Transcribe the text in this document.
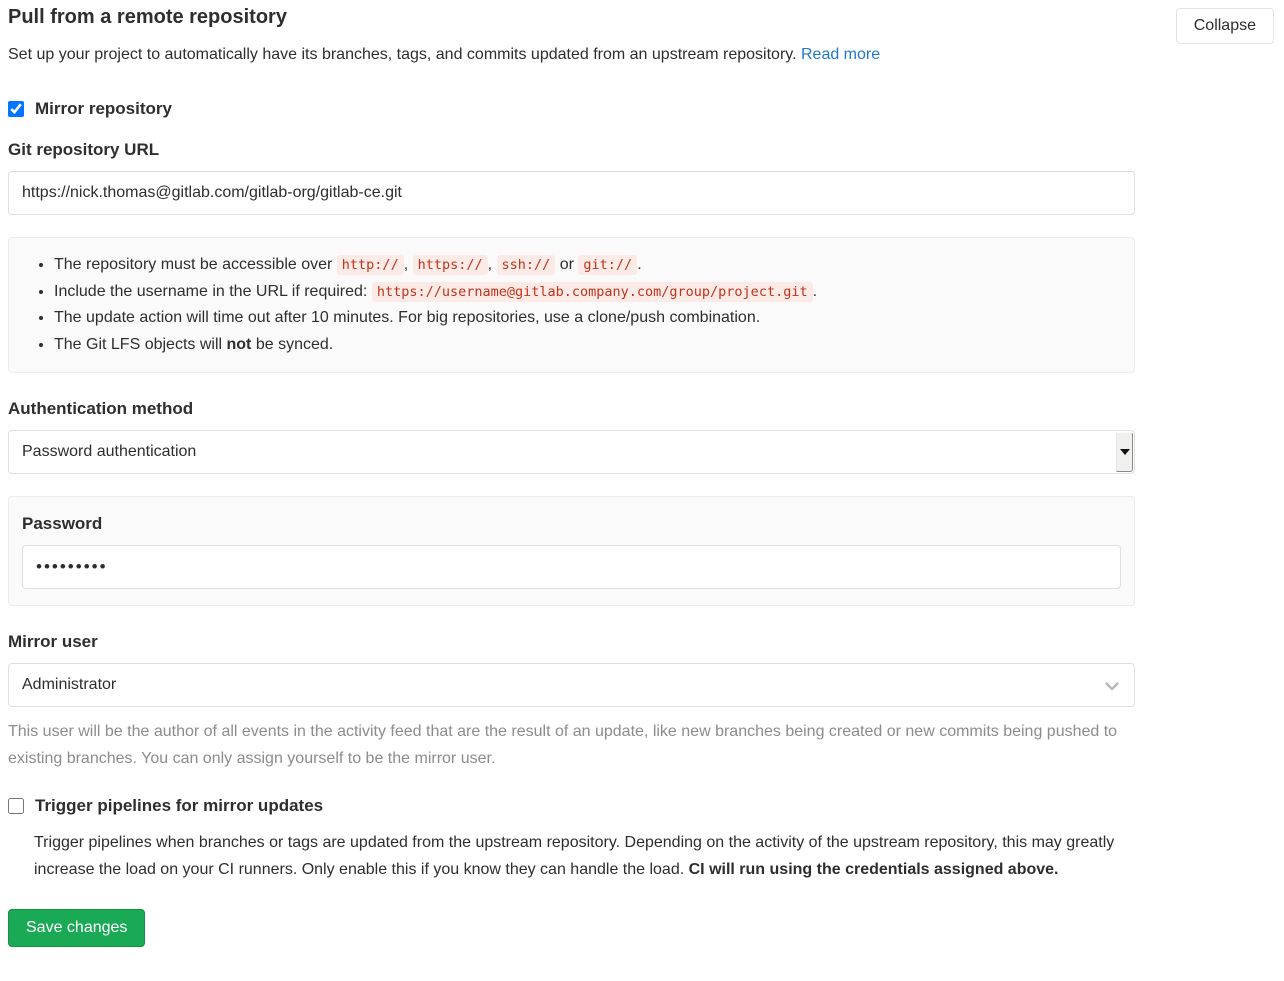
Collapse
Pull from a remote repository

Set up your project to automatically have its branches, tags, and commits updated from an upstream repository. Read more

Mirror repository
Git repository URL
https://nick.thomas@gitlab.com/gitlab-org/gitlab-ce.git
• The repository must be accessible over http:// , https:// , ssh:// or git:// .
• Include the username in the URL if required: https://username@gitlab.company.com/group/project.git .
• The update action will time out after 10 minutes. For big repositories, use a clone/push combination.
• The Git LFS objects will not be synced.
Authentication method
Password authentication
Password
•••••••••
Mirror user
Administrator

This user will be the author of all events in the activity feed that are the result of an update, like new branches being created or new commits being pushed to existing branches. You can only assign yourself to be the mirror user.

Trigger pipelines for mirror updates

Trigger pipelines when branches or tags are updated from the upstream repository. Depending on the activity of the upstream repository, this may greatly increase the load on your CI runners. Only enable this if you know they can handle the load. CI will run using the credentials assigned above.

Save changes
